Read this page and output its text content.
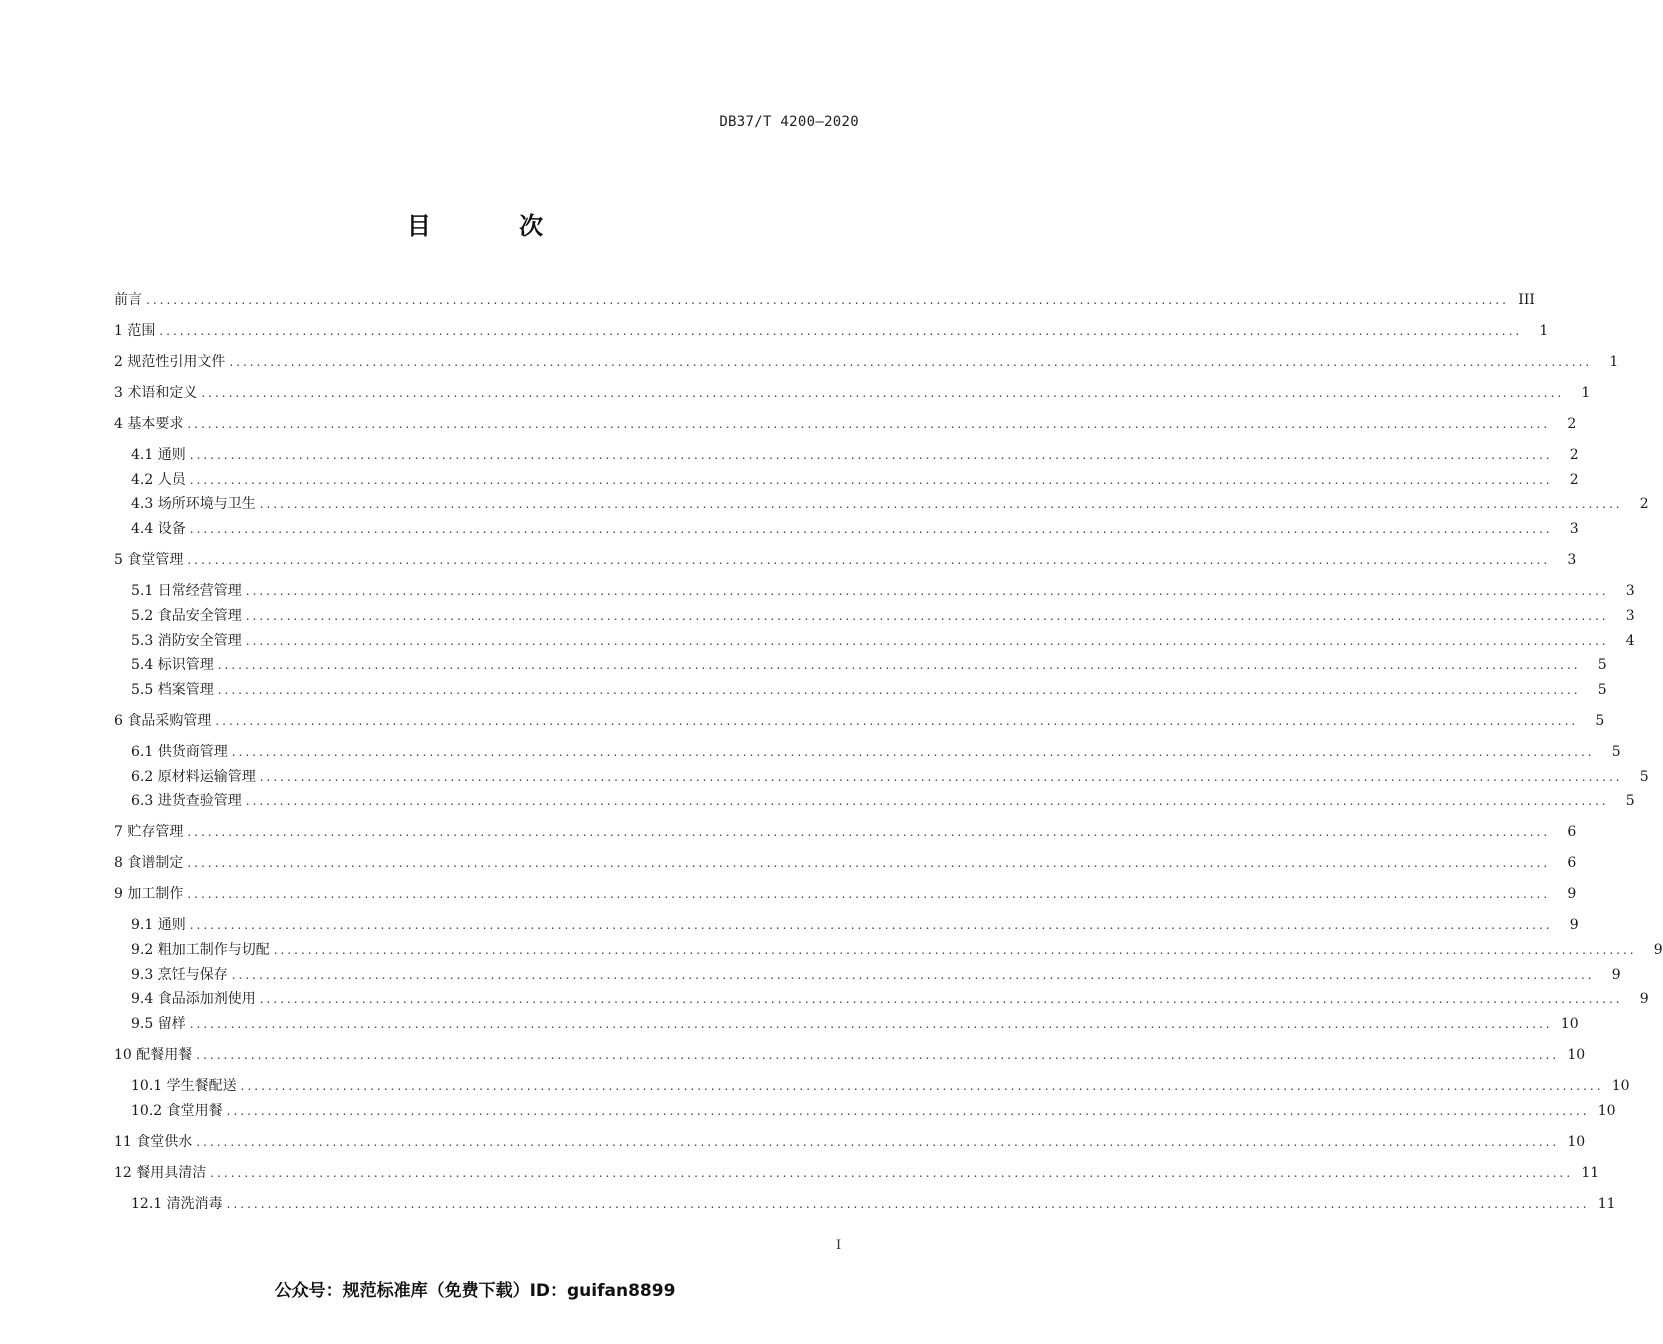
DB37/T 4200—2020
目 次
前言 ........................................................................................................................................................................................................ III
1 范围 ........................................................................................................................................................................................................	1
2 规范性引用文件 ........................................................................................................................................................................................................	1
3 术语和定义 ........................................................................................................................................................................................................	1
4 基本要求 ........................................................................................................................................................................................................	2
4.1 通则 ........................................................................................................................................................................................................	2
4.2 人员 ........................................................................................................................................................................................................	2
4.3 场所环境与卫生 ........................................................................................................................................................................................................	2
4.4 设备 ........................................................................................................................................................................................................	3
5 食堂管理 ........................................................................................................................................................................................................	3
5.1 日常经营管理 ........................................................................................................................................................................................................	3
5.2 食品安全管理 ........................................................................................................................................................................................................	3
5.3 消防安全管理 ........................................................................................................................................................................................................	4
5.4 标识管理 ........................................................................................................................................................................................................	5
5.5 档案管理 ........................................................................................................................................................................................................	5
6 食品采购管理 ........................................................................................................................................................................................................	5
6.1 供货商管理 ........................................................................................................................................................................................................	5
6.2 原材料运输管理 ........................................................................................................................................................................................................	5
6.3 进货查验管理 ........................................................................................................................................................................................................	5
7 贮存管理 ........................................................................................................................................................................................................	6
8 食谱制定 ........................................................................................................................................................................................................	6
9 加工制作 ........................................................................................................................................................................................................	9
9.1 通则 ........................................................................................................................................................................................................	9
9.2 粗加工制作与切配 ........................................................................................................................................................................................................	9
9.3 烹饪与保存 ........................................................................................................................................................................................................	9
9.4 食品添加剂使用 ........................................................................................................................................................................................................	9
9.5 留样 ........................................................................................................................................................................................................ 10
10 配餐用餐 ........................................................................................................................................................................................................ 10
10.1 学生餐配送 ........................................................................................................................................................................................................ 10
10.2 食堂用餐 ........................................................................................................................................................................................................ 10
11 食堂供水 ........................................................................................................................................................................................................ 10
12 餐用具清洁 ........................................................................................................................................................................................................ 11
12.1 清洗消毒 ........................................................................................................................................................................................................ 11
I
公众号：规范标准库（免费下载）ID：guifan8899
